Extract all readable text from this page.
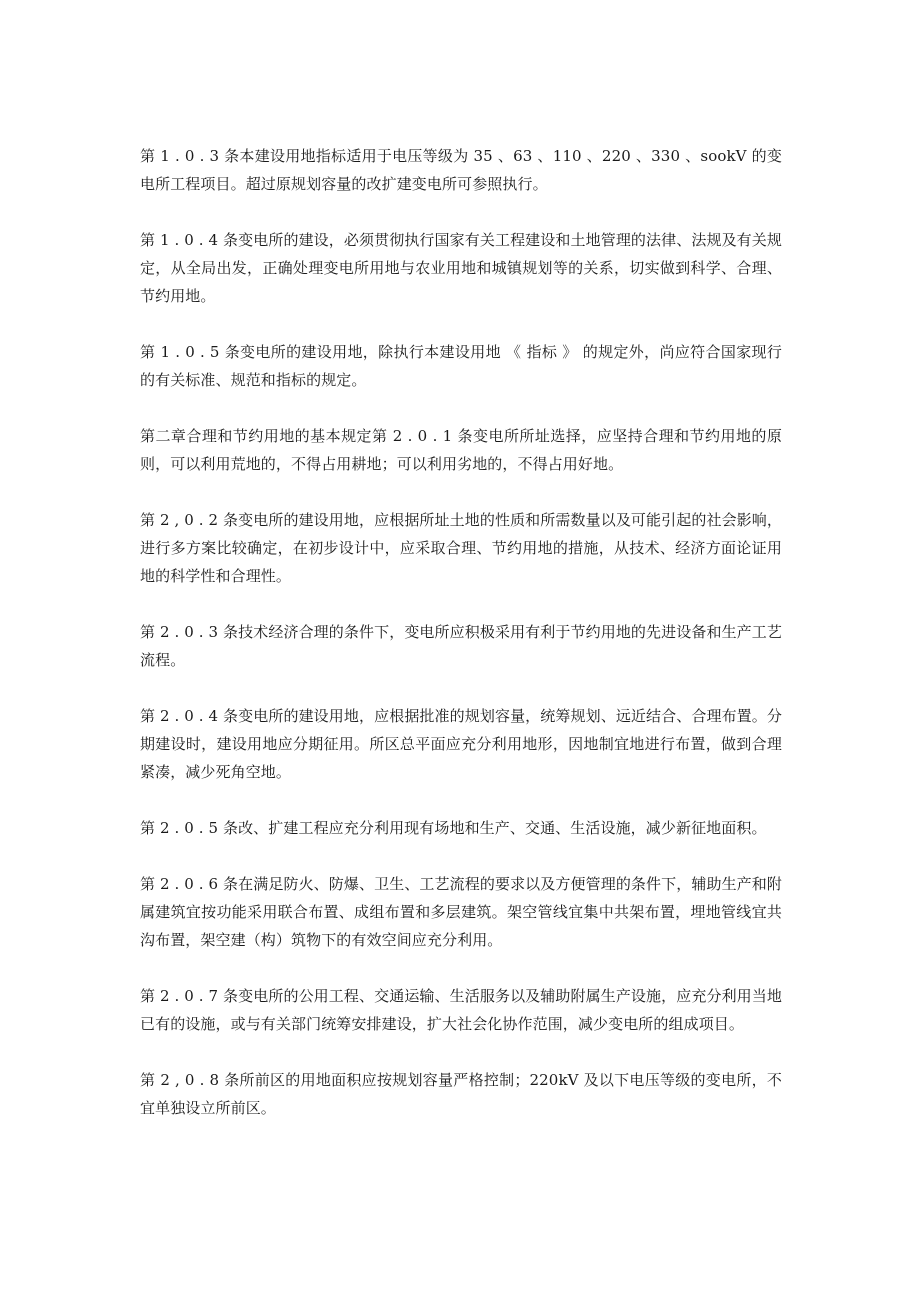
第 1 . 0 . 3 条本建设用地指标适用于电压等级为 35 、63 、110 、220 、330 、sookV 的变电所工程项目。超过原规划容量的改扩建变电所可参照执行。

第 1 . 0 . 4 条变电所的建设，必须贯彻执行国家有关工程建设和土地管理的法律、法规及有关规定，从全局出发，正确处理变电所用地与农业用地和城镇规划等的关系，切实做到科学、合理、节约用地。

第 1 . 0 . 5 条变电所的建设用地，除执行本建设用地 《 指标 》 的规定外，尚应符合国家现行的有关标准、规范和指标的规定。

第二章合理和节约用地的基本规定第 2 . 0 . 1 条变电所所址选择，应坚持合理和节约用地的原则，可以利用荒地的，不得占用耕地；可以利用劣地的，不得占用好地。

第 2 , 0 . 2 条变电所的建设用地，应根据所址土地的性质和所需数量以及可能引起的社会影响，进行多方案比较确定，在初步设计中，应采取合理、节约用地的措施，从技术、经济方面论证用地的科学性和合理性。

第 2 . 0 . 3 条技术经济合理的条件下，变电所应积极采用有利于节约用地的先进设备和生产工艺流程。

第 2 . 0 . 4 条变电所的建设用地，应根据批准的规划容量，统筹规划、远近结合、合理布置。分期建设时，建设用地应分期征用。所区总平面应充分利用地形，因地制宜地进行布置，做到合理紧凑，减少死角空地。

第 2 . 0 . 5 条改、扩建工程应充分利用现有场地和生产、交通、生活设施，减少新征地面积。

第 2 . 0 . 6 条在满足防火、防爆、卫生、工艺流程的要求以及方便管理的条件下，辅助生产和附属建筑宜按功能采用联合布置、成组布置和多层建筑。架空管线宜集中共架布置，埋地管线宜共沟布置，架空建（构）筑物下的有效空间应充分利用。

第 2 . 0 . 7 条变电所的公用工程、交通运输、生活服务以及辅助附属生产设施，应充分利用当地已有的设施，或与有关部门统筹安排建设，扩大社会化协作范围，减少变电所的组成项目。

第 2 , 0 . 8 条所前区的用地面积应按规划容量严格控制；220kV 及以下电压等级的变电所，不宜单独设立所前区。
